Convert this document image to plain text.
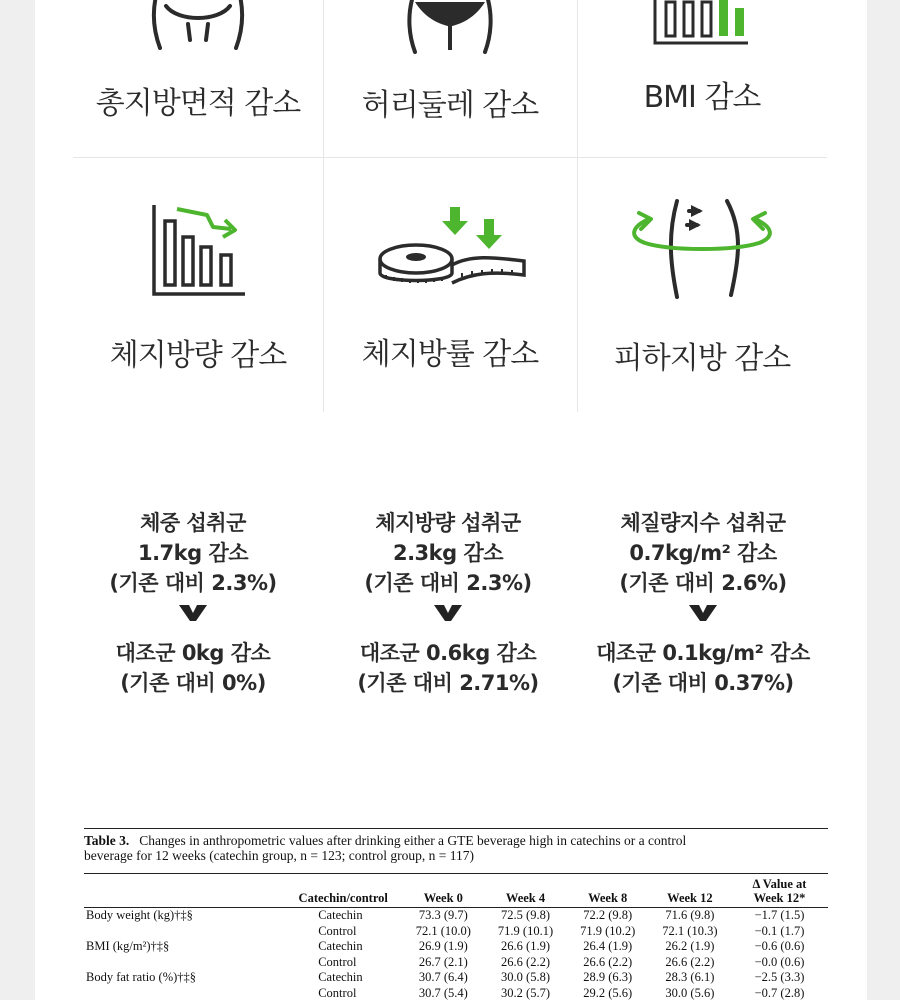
총지방면적 감소	허리둘레 감소	BMI 감소
체지방량 감소	체지방률 감소	피하지방 감소
체중 섭취군
1.7kg 감소
(기존 대비 2.3%)
대조군 0kg 감소
(기존 대비 0%)
체지방량 섭취군
2.3kg 감소
(기존 대비 2.3%)
대조군 0.6kg 감소
(기존 대비 2.71%)
체질량지수 섭취군
0.7kg/m² 감소
(기존 대비 2.6%)
대조군 0.1kg/m² 감소
(기존 대비 0.37%)
Table 3. Changes in anthropometric values after drinking either a GTE beverage high in catechins or a control
beverage for 12 weeks (catechin group, n = 123; control group, n = 117)
	Catechin/control	Week 0	Week 4	Week 8	Week 12	Δ Value at
Week 12*
Body weight (kg)†‡§	Catechin	73.3 (9.7)	72.5 (9.8)	72.2 (9.8)	71.6 (9.8)	−1.7 (1.5)
	Control	72.1 (10.0)	71.9 (10.1)	71.9 (10.2)	72.1 (10.3)	−0.1 (1.7)
BMI (kg/m²)†‡§	Catechin	26.9 (1.9)	26.6 (1.9)	26.4 (1.9)	26.2 (1.9)	−0.6 (0.6)
	Control	26.7 (2.1)	26.6 (2.2)	26.6 (2.2)	26.6 (2.2)	−0.0 (0.6)
Body fat ratio (%)†‡§	Catechin	30.7 (6.4)	30.0 (5.8)	28.9 (6.3)	28.3 (6.1)	−2.5 (3.3)
	Control	30.7 (5.4)	30.2 (5.7)	29.2 (5.6)	30.0 (5.6)	−0.7 (2.8)
